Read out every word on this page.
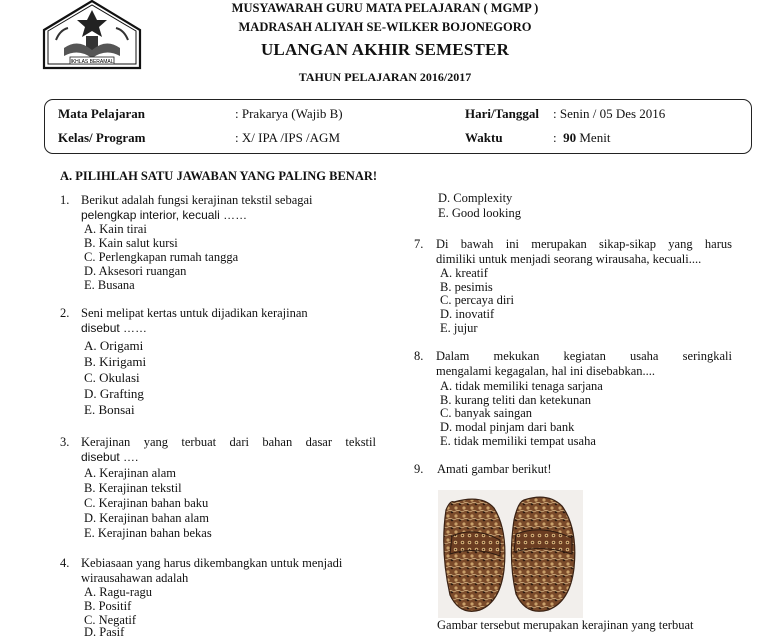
IKHLAS BERAMAL
MUSYAWARAH GURU MATA PELAJARAN ( MGMP )
MADRASAH ALIYAH SE-WILKER BOJONEGORO
ULANGAN AKHIR SEMESTER
TAHUN PELAJARAN 2016/2017
Mata Pelajaran	: Prakarya (Wajib B)	Hari/Tanggal : Senin / 05 Des 2016
Kelas/ Program	: X/ IPA /IPS /AGM	Waktu	: 90 Menit
A. PILIHLAH SATU JAWABAN YANG PALING BENAR!
1. Berikut adalah fungsi kerajinan tekstil sebagai
pelengkap interior, kecuali ……
A. Kain tirai
B. Kain salut kursi
C. Perlengkapan rumah tangga
D. Aksesori ruangan
E. Busana
2. Seni melipat kertas untuk dijadikan kerajinan
disebut ……
A. Origami
B. Kirigami
C. Okulasi
D. Grafting
E. Bonsai
3. Kerajinan yang terbuat dari bahan dasar tekstil
disebut ….
A. Kerajinan alam
B. Kerajinan tekstil
C. Kerajinan bahan baku
D. Kerajinan bahan alam
E. Kerajinan bahan bekas
4. Kebiasaan yang harus dikembangkan untuk menjadi
wirausahawan adalah
A. Ragu-ragu
B. Positif
C. Negatif
D. Pasif
D. Complexity
E. Good looking
7. Di bawah ini merupakan sikap-sikap yang harus
dimiliki untuk menjadi seorang wirausaha, kecuali....
A. kreatif
B. pesimis
C. percaya diri
D. inovatif
E. jujur
8. Dalam mekukan kegiatan usaha seringkali
mengalami kegagalan, hal ini disebabkan....
A. tidak memiliki tenaga sarjana
B. kurang teliti dan ketekunan
C. banyak saingan
D. modal pinjam dari bank
E. tidak memiliki tempat usaha
9. Amati gambar berikut!
Gambar tersebut merupakan kerajinan yang terbuat
